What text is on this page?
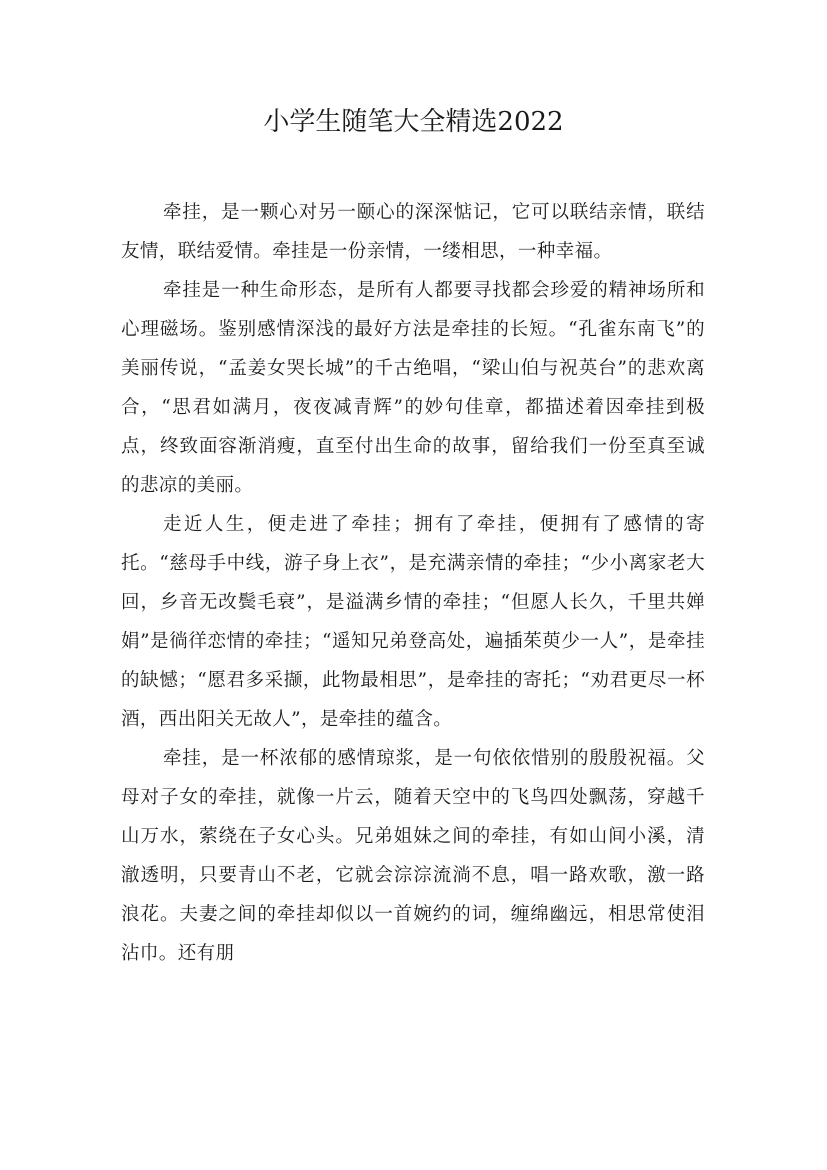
小学生随笔大全精选2022

牵挂，是一颗心对另一颐心的深深惦记，它可以联结亲情，联结友情，联结爱情。牵挂是一份亲情，一缕相思，一种幸福。

牵挂是一种生命形态，是所有人都要寻找都会珍爱的精神场所和心理磁场。鉴别感情深浅的最好方法是牵挂的长短。“孔雀东南飞”的美丽传说，“孟姜女哭长城”的千古绝唱，“梁山伯与祝英台”的悲欢离合，“思君如满月，夜夜减青辉”的妙句佳章，都描述着因牵挂到极点，终致面容渐消瘦，直至付出生命的故事，留给我们一份至真至诚的悲凉的美丽。

走近人生，便走进了牵挂；拥有了牵挂，便拥有了感情的寄托。“慈母手中线，游子身上衣”，是充满亲情的牵挂；“少小离家老大回，乡音无改鬓毛衰”，是溢满乡情的牵挂；“但愿人长久，千里共婵娟”是徜徉恋情的牵挂；“遥知兄弟登高处，遍插茱萸少一人”，是牵挂的缺憾；“愿君多采撷，此物最相思”，是牵挂的寄托；“劝君更尽一杯酒，西出阳关无故人”，是牵挂的蕴含。

牵挂，是一杯浓郁的感情琼浆，是一句依依惜别的殷殷祝福。父母对子女的牵挂，就像一片云，随着天空中的飞鸟四处飘荡，穿越千山万水，萦绕在子女心头。兄弟姐妹之间的牵挂，有如山间小溪，清澈透明，只要青山不老，它就会淙淙流淌不息，唱一路欢歌，激一路浪花。夫妻之间的牵挂却似以一首婉约的词，缠绵幽远，相思常使泪沾巾。还有朋
